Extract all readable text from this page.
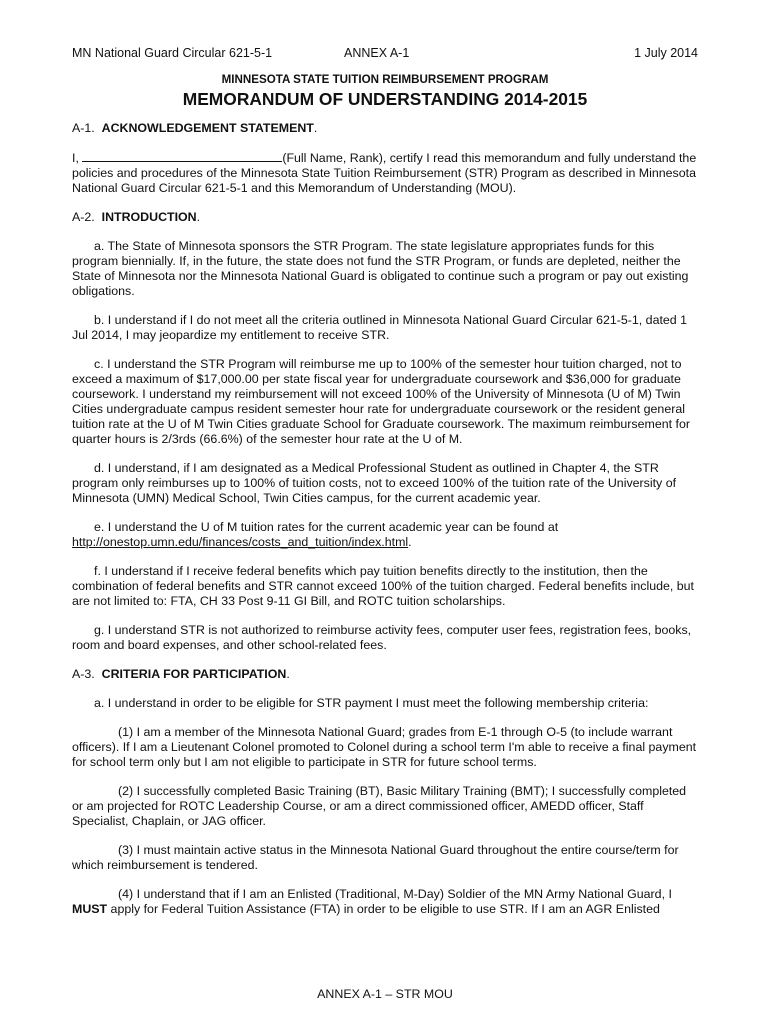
MN National Guard Circular 621-5-1	ANNEX A-1	1 July 2014
MINNESOTA STATE TUITION REIMBURSEMENT PROGRAM
MEMORANDUM OF UNDERSTANDING 2014-2015
A-1. ACKNOWLEDGEMENT STATEMENT.

I,	(Full Name, Rank), certify I read this memorandum and fully understand the policies and procedures of the Minnesota State Tuition Reimbursement (STR) Program as described in Minnesota National Guard Circular 621-5-1 and this Memorandum of Understanding (MOU).

A-2. INTRODUCTION.

a. The State of Minnesota sponsors the STR Program. The state legislature appropriates funds for this program biennially. If, in the future, the state does not fund the STR Program, or funds are depleted, neither the State of Minnesota nor the Minnesota National Guard is obligated to continue such a program or pay out existing obligations.

b. I understand if I do not meet all the criteria outlined in Minnesota National Guard Circular 621-5-1, dated 1 Jul 2014, I may jeopardize my entitlement to receive STR.

c. I understand the STR Program will reimburse me up to 100% of the semester hour tuition charged, not to exceed a maximum of $17,000.00 per state fiscal year for undergraduate coursework and $36,000 for graduate coursework. I understand my reimbursement will not exceed 100% of the University of Minnesota (U of M) Twin Cities undergraduate campus resident semester hour rate for undergraduate coursework or the resident general tuition rate at the U of M Twin Cities graduate School for Graduate coursework. The maximum reimbursement for quarter hours is 2/3rds (66.6%) of the semester hour rate at the U of M.

d. I understand, if I am designated as a Medical Professional Student as outlined in Chapter 4, the STR program only reimburses up to 100% of tuition costs, not to exceed 100% of the tuition rate of the University of Minnesota (UMN) Medical School, Twin Cities campus, for the current academic year.

e. I understand the U of M tuition rates for the current academic year can be found at http://onestop.umn.edu/finances/costs_and_tuition/index.html.

f. I understand if I receive federal benefits which pay tuition benefits directly to the institution, then the combination of federal benefits and STR cannot exceed 100% of the tuition charged. Federal benefits include, but are not limited to: FTA, CH 33 Post 9-11 GI Bill, and ROTC tuition scholarships.

g. I understand STR is not authorized to reimburse activity fees, computer user fees, registration fees, books, room and board expenses, and other school-related fees.

A-3. CRITERIA FOR PARTICIPATION.

a. I understand in order to be eligible for STR payment I must meet the following membership criteria:

(1) I am a member of the Minnesota National Guard; grades from E-1 through O-5 (to include warrant officers). If I am a Lieutenant Colonel promoted to Colonel during a school term I'm able to receive a final payment for school term only but I am not eligible to participate in STR for future school terms.

(2) I successfully completed Basic Training (BT), Basic Military Training (BMT); I successfully completed or am projected for ROTC Leadership Course, or am a direct commissioned officer, AMEDD officer, Staff Specialist, Chaplain, or JAG officer.

(3) I must maintain active status in the Minnesota National Guard throughout the entire course/term for which reimbursement is tendered.

(4) I understand that if I am an Enlisted (Traditional, M-Day) Soldier of the MN Army National Guard, I MUST apply for Federal Tuition Assistance (FTA) in order to be eligible to use STR. If I am an AGR Enlisted

ANNEX A-1 – STR MOU
